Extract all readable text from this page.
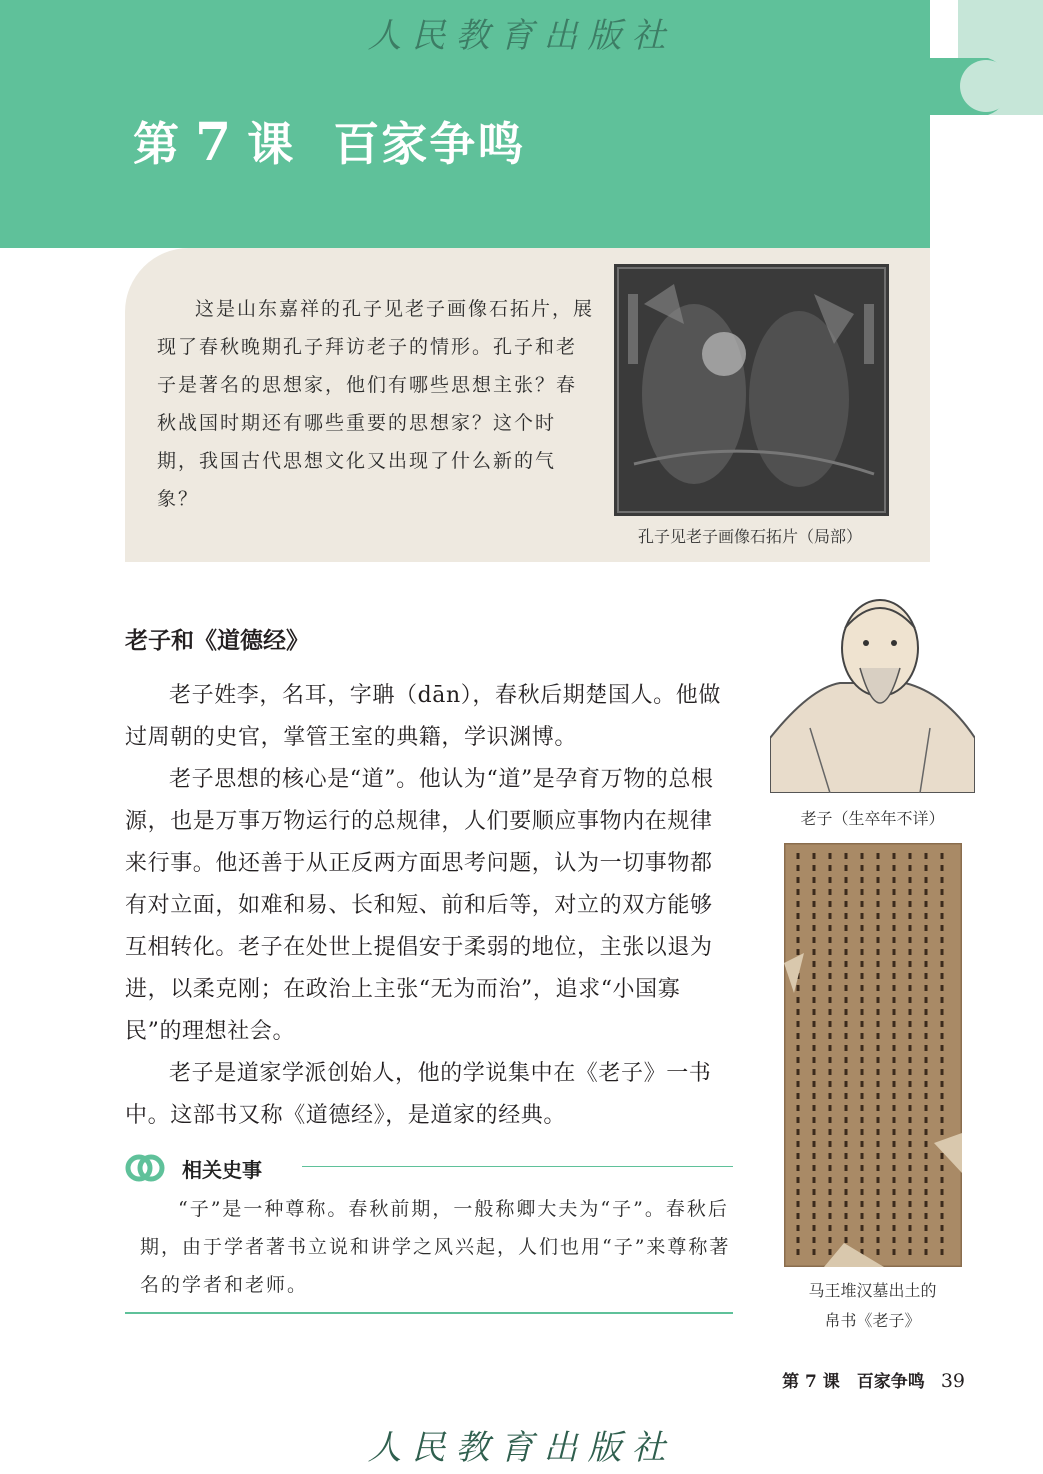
人民教育出版社
第 7 课 百家争鸣

这是山东嘉祥的孔子见老子画像石拓片，展现了春秋晚期孔子拜访老子的情形。孔子和老子是著名的思想家，他们有哪些思想主张？春秋战国时期还有哪些重要的思想家？这个时期，我国古代思想文化又出现了什么新的气象？

孔子见老子画像石拓片（局部）
老子和《道德经》

老子姓李，名耳，字聃（dān），春秋后期楚国人。他做过周朝的史官，掌管王室的典籍，学识渊博。

老子思想的核心是“道”。他认为“道”是孕育万物的总根源，也是万事万物运行的总规律，人们要顺应事物内在规律来行事。他还善于从正反两方面思考问题，认为一切事物都有对立面，如难和易、长和短、前和后等，对立的双方能够互相转化。老子在处世上提倡安于柔弱的地位，主张以退为进，以柔克刚；在政治上主张“无为而治”，追求“小国寡民”的理想社会。

老子是道家学派创始人，他的学说集中在《老子》一书中。这部书又称《道德经》，是道家的经典。

相关史事

“子”是一种尊称。春秋前期，一般称卿大夫为“子”。春秋后期，由于学者著书立说和讲学之风兴起，人们也用“子”来尊称著名的学者和老师。

老子（生卒年不详）
马王堆汉墓出土的
帛书《老子》
第 7 课　百家争鸣 39
人民教育出版社
